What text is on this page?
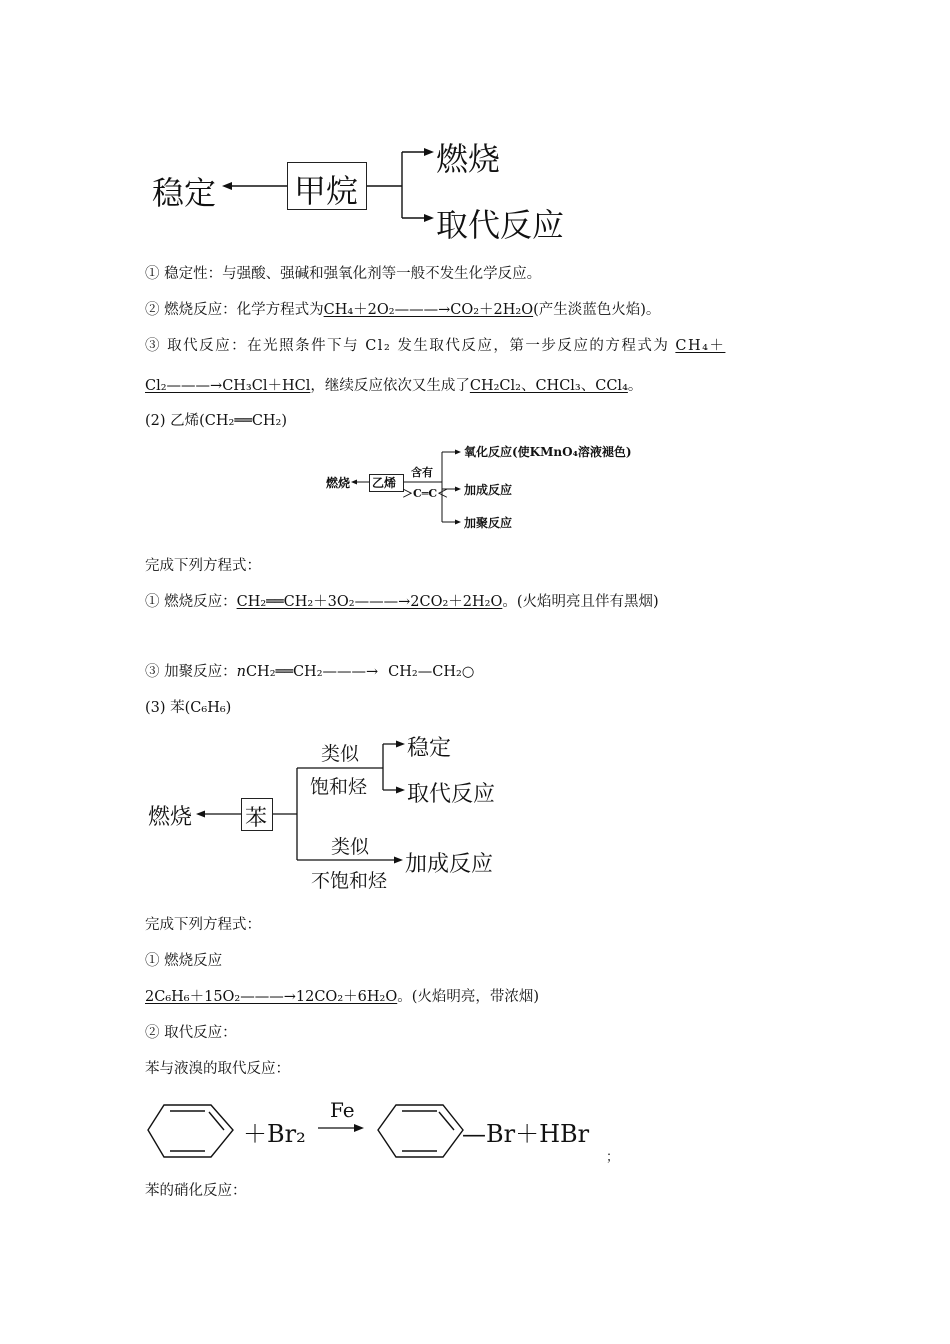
稳定 甲烷
燃烧
取代反应
① 稳定性：与强酸、强碱和强氧化剂等一般不发生化学反应。
② 燃烧反应：化学方程式为CH₄＋2O₂———→CO₂＋2H₂O(产生淡蓝色火焰)。
③ 取代反应：在光照条件下与 Cl₂ 发生取代反应，第一步反应的方程式为 CH₄＋
Cl₂———→CH₃Cl＋HCl，继续反应依次又生成了CH₂Cl₂、CHCl₃、CCl₄。
(2) 乙烯(CH₂══CH₂)
燃烧 乙烯
含有
＞C═C＜
氧化反应(使KMnO₄溶液褪色)
加成反应
加聚反应
完成下列方程式：
① 燃烧反应：CH₂══CH₂＋3O₂———→2CO₂＋2H₂O。(火焰明亮且伴有黑烟)
③ 加聚反应：nCH₂══CH₂———→ CH₂—CH₂○
(3) 苯(C₆H₆)
燃烧 苯
类似
饱和烃
稳定
取代反应
类似
不饱和烃
加成反应
完成下列方程式：
① 燃烧反应
2C₆H₆＋15O₂———→12CO₂＋6H₂O。(火焰明亮，带浓烟)
② 取代反应：
苯与液溴的取代反应：
＋Br₂
Fe
—Br＋HBr
；
苯的硝化反应：
